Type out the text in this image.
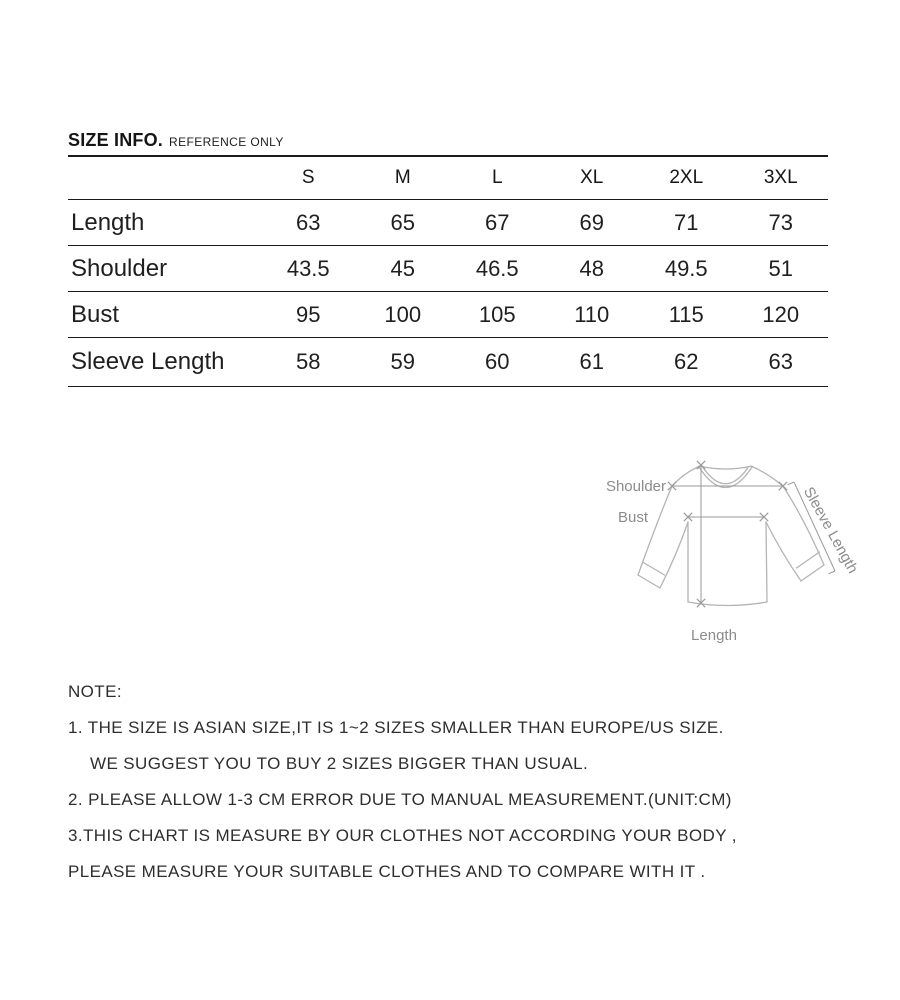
SIZE INFO. REFERENCE ONLY
	S	M	L	XL	2XL	3XL
Length	63	65	67	69	71	73
Shoulder	43.5	45	46.5	48	49.5	51
Bust	95	100	105	110	115	120
Sleeve Length	58	59	60	61	62	63
Shoulder
Bust	Sleeve Length
Length
NOTE:
1. THE SIZE IS ASIAN SIZE,IT IS 1~2 SIZES SMALLER THAN EUROPE/US SIZE.
WE SUGGEST YOU TO BUY 2 SIZES BIGGER THAN USUAL.
2. PLEASE ALLOW 1-3 CM ERROR DUE TO MANUAL MEASUREMENT.(UNIT:CM)
3.THIS CHART IS MEASURE BY OUR CLOTHES NOT ACCORDING YOUR BODY ,
PLEASE MEASURE YOUR SUITABLE CLOTHES AND TO COMPARE WITH IT .
